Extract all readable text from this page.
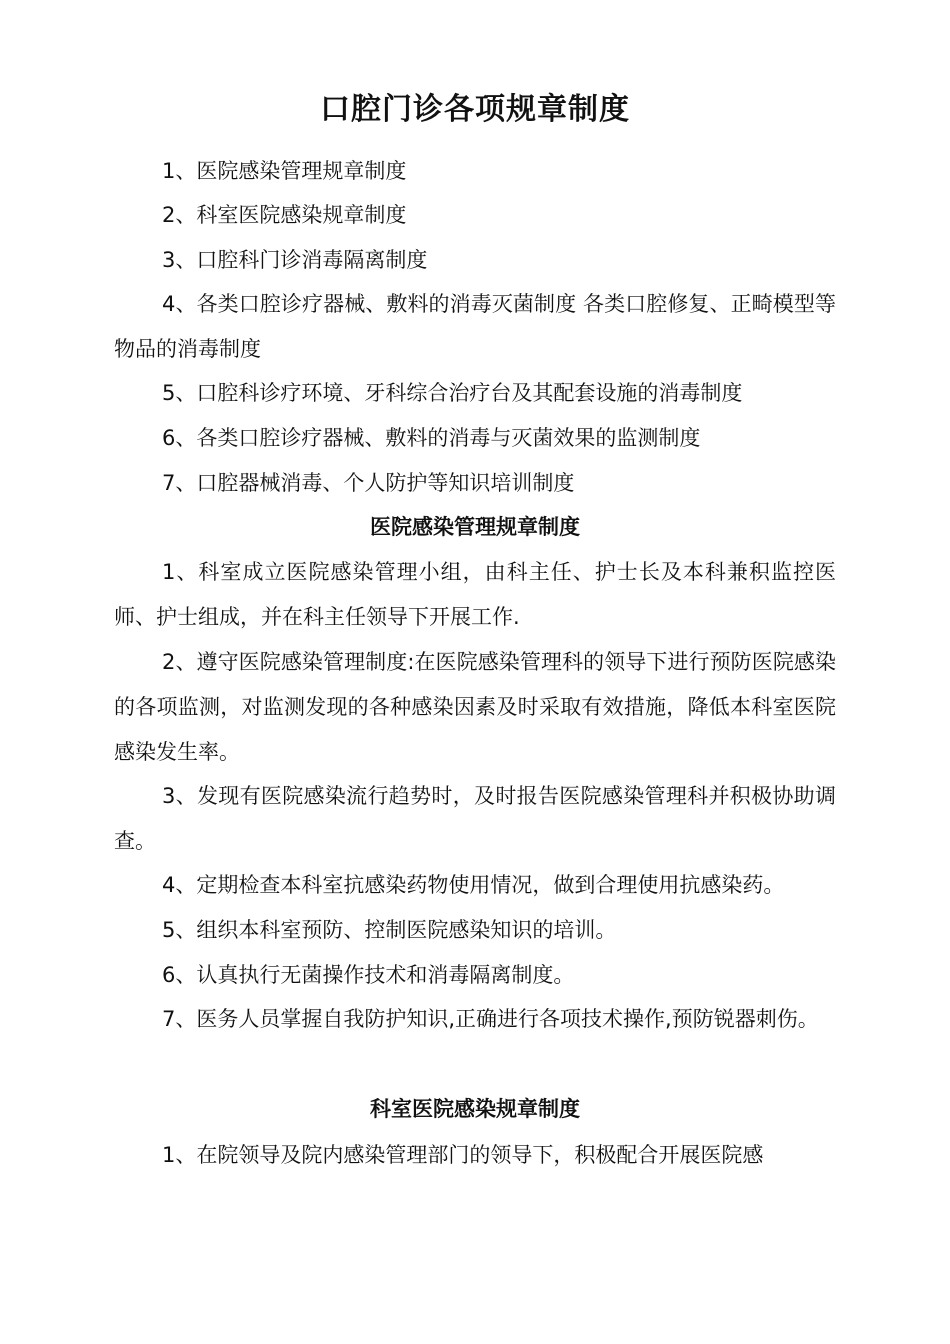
口腔门诊各项规章制度
1、医院感染管理规章制度
2、科室医院感染规章制度
3、口腔科门诊消毒隔离制度
4、各类口腔诊疗器械、敷料的消毒灭菌制度 各类口腔修复、正畸模型等物品的消毒制度
5、口腔科诊疗环境、牙科综合治疗台及其配套设施的消毒制度
6、各类口腔诊疗器械、敷料的消毒与灭菌效果的监测制度
7、口腔器械消毒、个人防护等知识培训制度
医院感染管理规章制度
1、科室成立医院感染管理小组，由科主任、护士长及本科兼积监控医师、护士组成，并在科主任领导下开展工作.
2、遵守医院感染管理制度:在医院感染管理科的领导下进行预防医院感染的各项监测，对监测发现的各种感染因素及时采取有效措施，降低本科室医院感染发生率。
3、发现有医院感染流行趋势时，及时报告医院感染管理科并积极协助调查。
4、定期检查本科室抗感染药物使用情况，做到合理使用抗感染药。
5、组织本科室预防、控制医院感染知识的培训。
6、认真执行无菌操作技术和消毒隔离制度。
7、医务人员掌握自我防护知识,正确进行各项技术操作,预防锐器刺伤。
科室医院感染规章制度
1、在院领导及院内感染管理部门的领导下，积极配合开展医院感
